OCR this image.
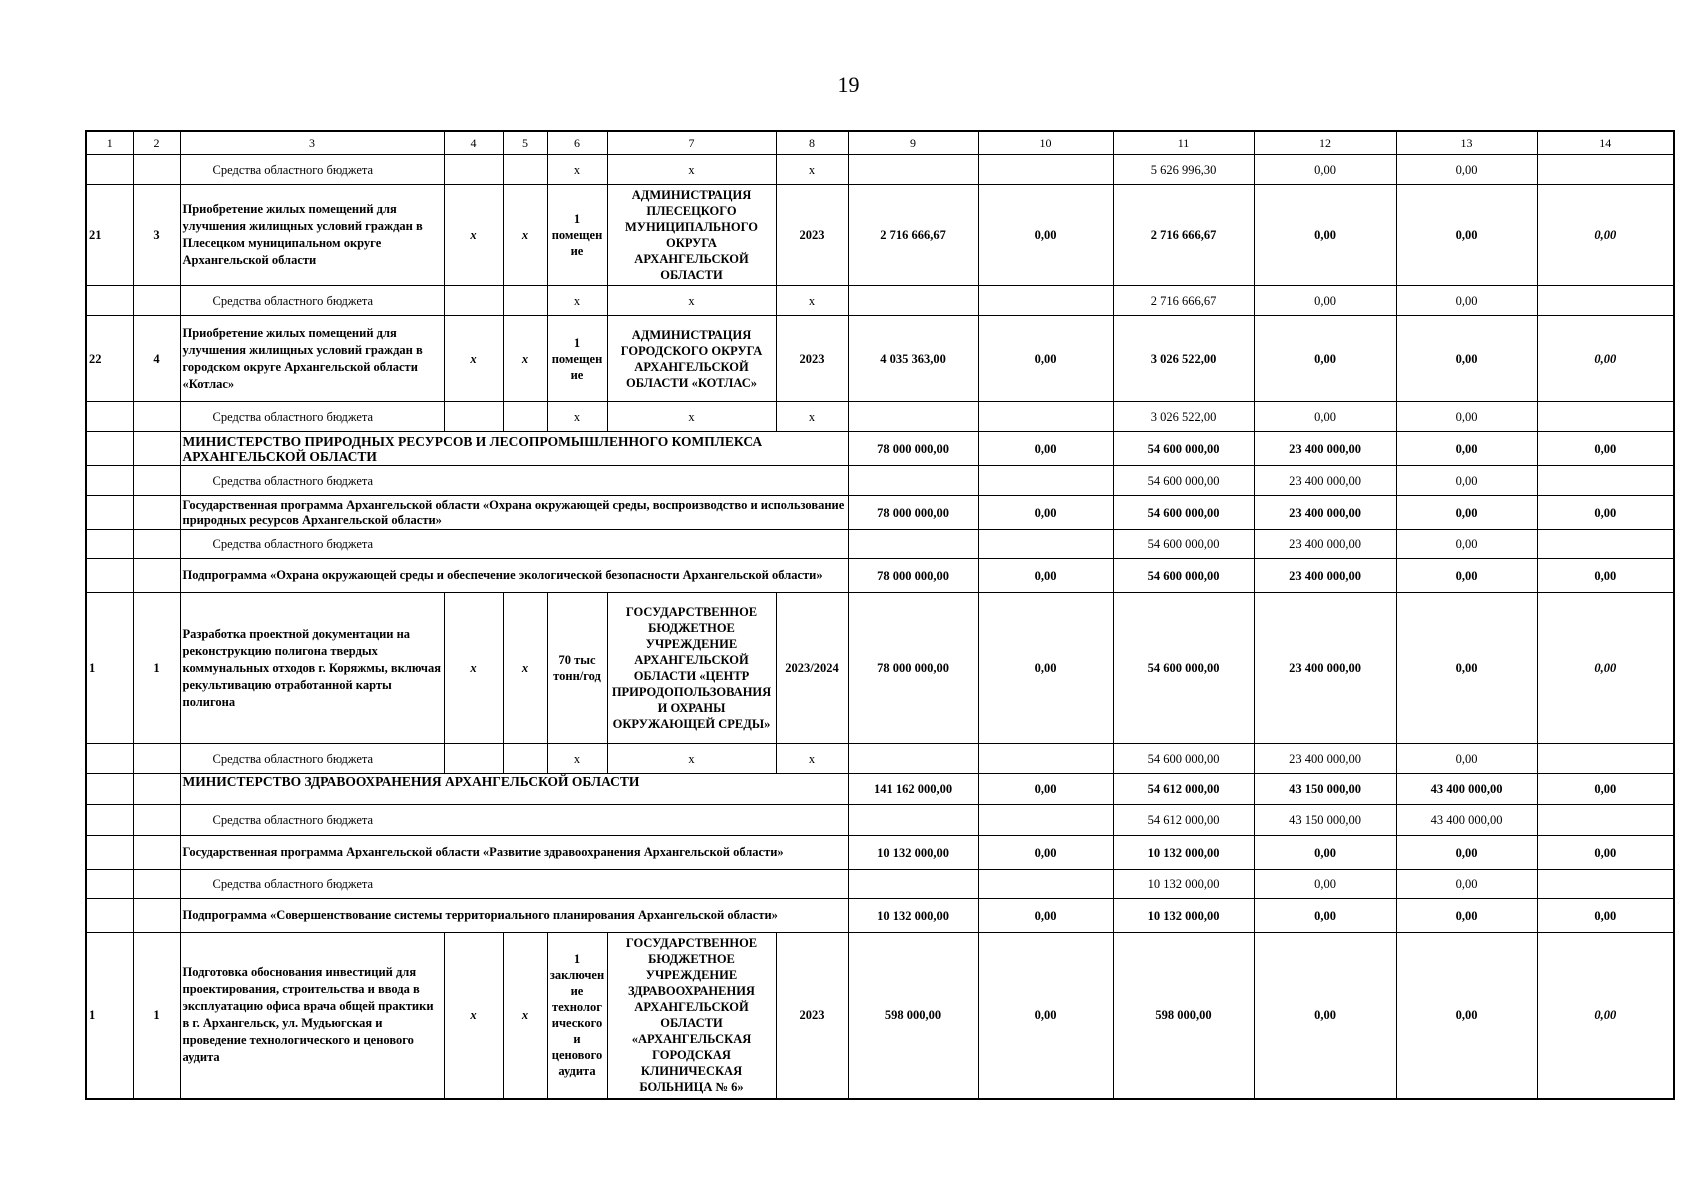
19
1	2	3	4	5	6	7	8	9	10	11	12	13	14
		Средства областного бюджета			x	x	x			5 626 996,30	0,00	0,00	
21	3	Приобретение жилых помещений для улучшения жилищных условий граждан в Плесецком муниципальном округе Архангельской области	x	x	1 помещение	АДМИНИСТРАЦИЯ ПЛЕСЕЦКОГО МУНИЦИПАЛЬНОГО ОКРУГА АРХАНГЕЛЬСКОЙ ОБЛАСТИ	2023	2 716 666,67	0,00	2 716 666,67	0,00	0,00	0,00
		Средства областного бюджета			x	x	x			2 716 666,67	0,00	0,00	
22	4	Приобретение жилых помещений для улучшения жилищных условий граждан в городском округе Архангельской области «Котлас»	x	x	1 помещение	АДМИНИСТРАЦИЯ ГОРОДСКОГО ОКРУГА АРХАНГЕЛЬСКОЙ ОБЛАСТИ «КОТЛАС»	2023	4 035 363,00	0,00	3 026 522,00	0,00	0,00	0,00
		Средства областного бюджета			x	x	x			3 026 522,00	0,00	0,00	
		МИНИСТЕРСТВО ПРИРОДНЫХ РЕСУРСОВ И ЛЕСОПРОМЫШЛЕННОГО КОМПЛЕКСА АРХАНГЕЛЬСКОЙ ОБЛАСТИ						78 000 000,00	0,00	54 600 000,00	23 400 000,00	0,00	0,00
		Средства областного бюджета								54 600 000,00	23 400 000,00	0,00	
		Государственная программа Архангельской области «Охрана окружающей среды, воспроизводство и использование природных ресурсов Архангельской области»						78 000 000,00	0,00	54 600 000,00	23 400 000,00	0,00	0,00
		Средства областного бюджета								54 600 000,00	23 400 000,00	0,00	
		Подпрограмма «Охрана окружающей среды и обеспечение экологической безопасности Архангельской области»						78 000 000,00	0,00	54 600 000,00	23 400 000,00	0,00	0,00
1	1	Разработка проектной документации на реконструкцию полигона твердых коммунальных отходов г. Коряжмы, включая рекультивацию отработанной карты полигона	x	x	70 тыс тонн/год	ГОСУДАРСТВЕННОЕ БЮДЖЕТНОЕ УЧРЕЖДЕНИЕ АРХАНГЕЛЬСКОЙ ОБЛАСТИ «ЦЕНТР ПРИРОДОПОЛЬЗОВАНИЯ И ОХРАНЫ ОКРУЖАЮЩЕЙ СРЕДЫ»	2023/2024	78 000 000,00	0,00	54 600 000,00	23 400 000,00	0,00	0,00
		Средства областного бюджета			x	x	x			54 600 000,00	23 400 000,00	0,00	
		МИНИСТЕРСТВО ЗДРАВООХРАНЕНИЯ АРХАНГЕЛЬСКОЙ ОБЛАСТИ						141 162 000,00	0,00	54 612 000,00	43 150 000,00	43 400 000,00	0,00
		Средства областного бюджета								54 612 000,00	43 150 000,00	43 400 000,00	
		Государственная программа Архангельской области «Развитие здравоохранения Архангельской области»						10 132 000,00	0,00	10 132 000,00	0,00	0,00	0,00
		Средства областного бюджета								10 132 000,00	0,00	0,00	
		Подпрограмма «Совершенствование системы территориального планирования Архангельской области»						10 132 000,00	0,00	10 132 000,00	0,00	0,00	0,00
1	1	Подготовка обоснования инвестиций для проектирования, строительства и ввода в эксплуатацию офиса врача общей практики в г. Архангельск, ул. Мудьюгская и проведение технологического и ценового аудита	x	x	1 заключение технологического и ценового аудита	ГОСУДАРСТВЕННОЕ БЮДЖЕТНОЕ УЧРЕЖДЕНИЕ ЗДРАВООХРАНЕНИЯ АРХАНГЕЛЬСКОЙ ОБЛАСТИ «АРХАНГЕЛЬСКАЯ ГОРОДСКАЯ КЛИНИЧЕСКАЯ БОЛЬНИЦА № 6»	2023	598 000,00	0,00	598 000,00	0,00	0,00	0,00
